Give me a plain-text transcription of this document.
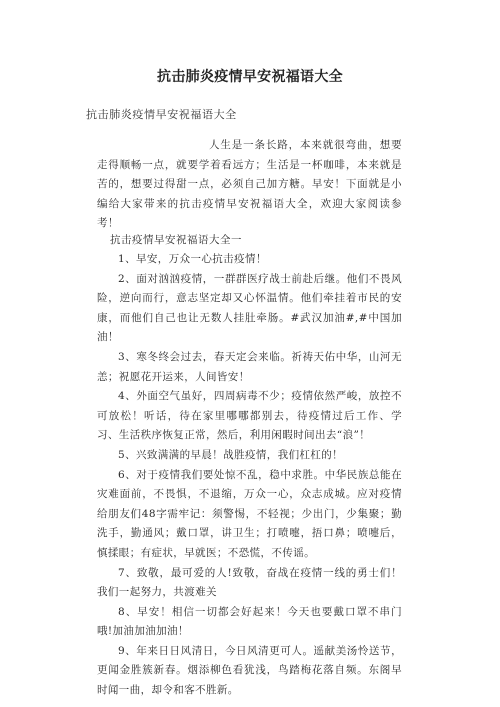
抗击肺炎疫情早安祝福语大全
抗击肺炎疫情早安祝福语大全

人生是一条长路，本来就很弯曲，想要走得顺畅一点，就要学着看远方；生活是一杯咖啡，本来就是苦的，想要过得甜一点，必须自己加方糖。早安！下面就是小编给大家带来的抗击疫情早安祝福语大全，欢迎大家阅读参考！

抗击疫情早安祝福语大全一

1、早安，万众一心抗击疫情！

2、面对汹汹疫情，一群群医疗战士前赴后继。他们不畏风险，逆向而行，意志坚定却又心怀温情。他们牵挂着市民的安康，而他们自己也让无数人挂肚牵肠。#武汉加油#,#中国加油！

3、寒冬终会过去，春天定会来临。祈祷天佑中华，山河无恙；祝愿花开运来，人间皆安！

4、外面空气虽好，四周病毒不少；疫情依然严峻，放控不可放松！听话，待在家里哪哪都别去，待疫情过后工作、学习、生活秩序恢复正常，然后，利用闲暇时间出去“浪”！

5、兴致满满的早晨！战胜疫情，我们杠杠的！

6、对于疫情我们要处惊不乱，稳中求胜。中华民族总能在灾难面前，不畏惧，不退缩，万众一心，众志成城。应对疫情给朋友们48字需牢记：须警惕，不轻视；少出门，少集聚；勤洗手，勤通风；戴口罩，讲卫生；打喷嚏，捂口鼻；喷嚏后，慎揉眼；有症状，早就医；不恐慌，不传谣。

7、致敬，最可爱的人!致敬，奋战在疫情一线的勇士们！我们一起努力，共渡难关

8、早安！相信一切都会好起来！今天也要戴口罩不串门哦!加油加油加油！

9、年来日日风清日，今日风清更可人。遥献美汤怜送节，更闻金胜簇新春。烟添柳色看犹浅，鸟踏梅花落自频。东阁早时闻一曲，却令和客不胜新。
